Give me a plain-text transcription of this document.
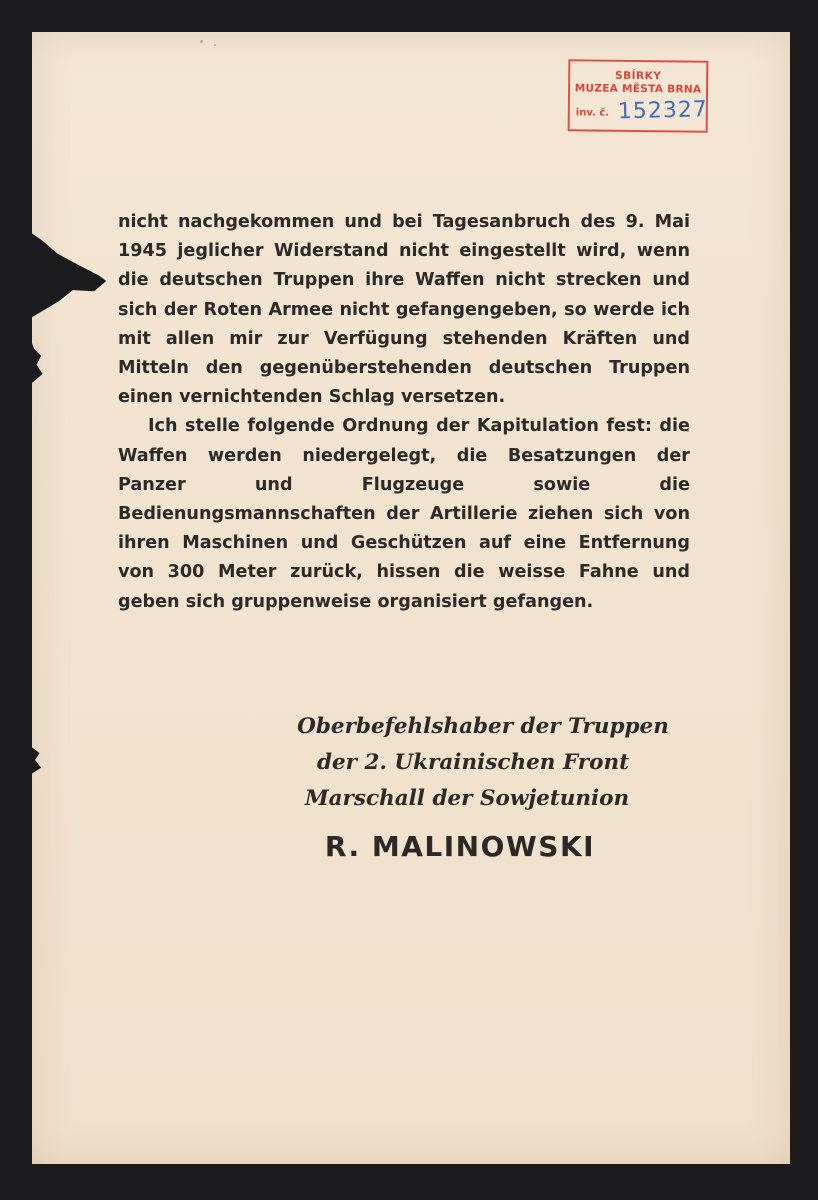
SBÍRKY
MUZEA MĚSTA BRNA
inv. č. 152327

nicht nachgekommen und bei Tagesanbruch des 9. Mai 1945 jeglicher Widerstand nicht eingestellt wird, wenn die deutschen Truppen ihre Waffen nicht strecken und sich der Roten Armee nicht gefangengeben, so werde ich mit allen mir zur Verfügung stehenden Kräften und Mitteln den gegenüberstehenden deutschen Truppen einen vernichtenden Schlag versetzen.

Ich stelle folgende Ordnung der Kapitulation fest: die Waffen werden niedergelegt, die Besatzungen der Panzer und Flugzeuge sowie die Bedienungsmannschaften der Artillerie ziehen sich von ihren Maschinen und Geschützen auf eine Entfernung von 300 Meter zurück, hissen die weisse Fahne und geben sich gruppenweise organisiert gefangen.

Oberbefehlshaber der Truppen
der 2. Ukrainischen Front
Marschall der Sowjetunion
R. MALINOWSKI
